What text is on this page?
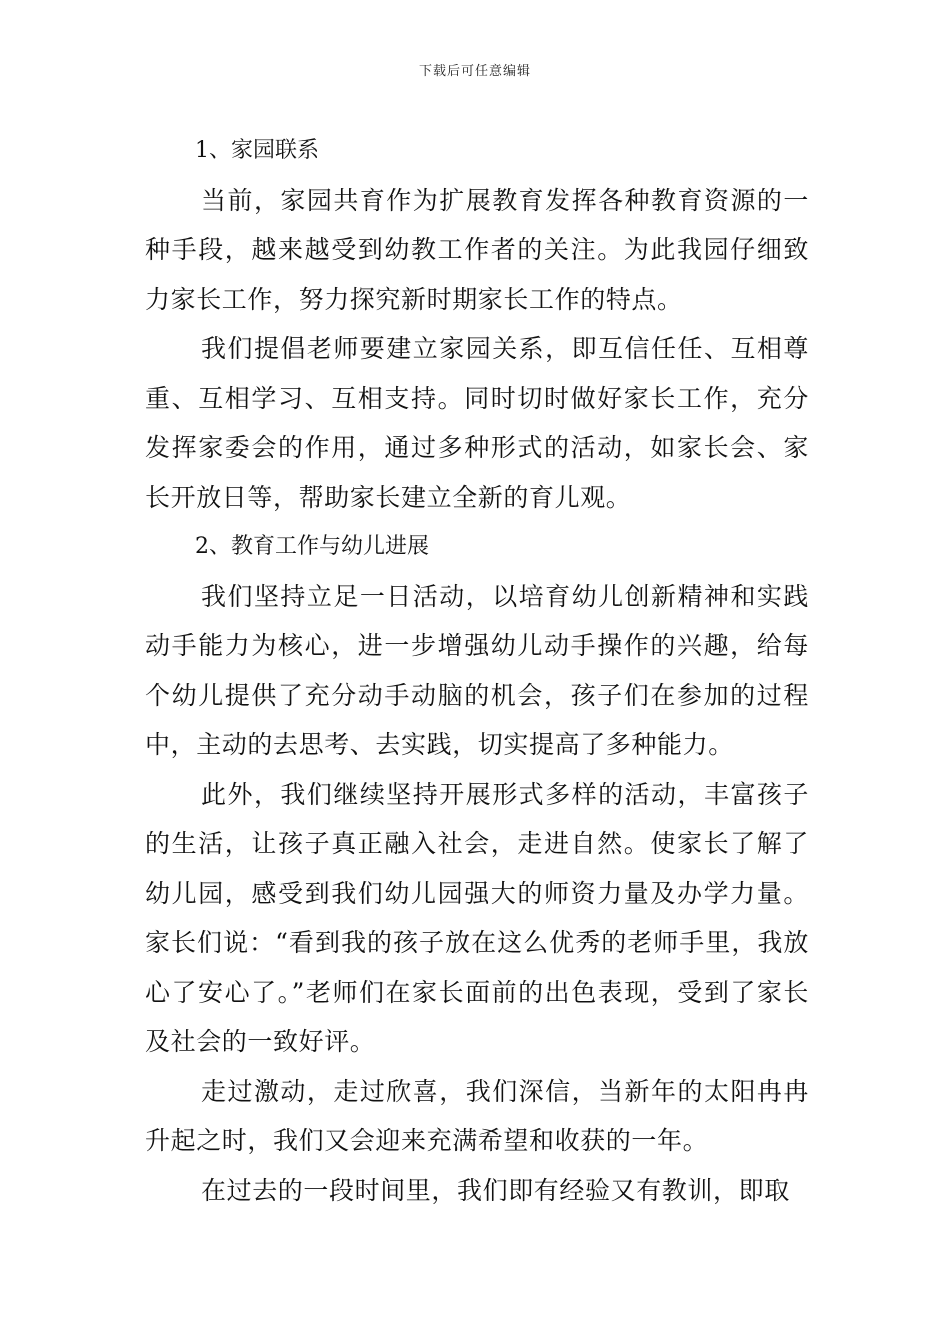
下载后可任意编辑

1、家园联系

当前，家园共育作为扩展教育发挥各种教育资源的一种手段，越来越受到幼教工作者的关注。为此我园仔细致力家长工作，努力探究新时期家长工作的特点。

我们提倡老师要建立家园关系，即互信任任、互相尊重、互相学习、互相支持。同时切时做好家长工作，充分发挥家委会的作用，通过多种形式的活动，如家长会、家长开放日等，帮助家长建立全新的育儿观。

2、教育工作与幼儿进展

我们坚持立足一日活动，以培育幼儿创新精神和实践动手能力为核心，进一步增强幼儿动手操作的兴趣，给每个幼儿提供了充分动手动脑的机会，孩子们在参加的过程中，主动的去思考、去实践，切实提高了多种能力。

此外，我们继续坚持开展形式多样的活动，丰富孩子的生活，让孩子真正融入社会，走进自然。使家长了解了幼儿园，感受到我们幼儿园强大的师资力量及办学力量。家长们说：“看到我的孩子放在这么优秀的老师手里，我放心了安心了。”老师们在家长面前的出色表现，受到了家长及社会的一致好评。

走过激动，走过欣喜，我们深信，当新年的太阳冉冉升起之时，我们又会迎来充满希望和收获的一年。

在过去的一段时间里，我们即有经验又有教训，即取
